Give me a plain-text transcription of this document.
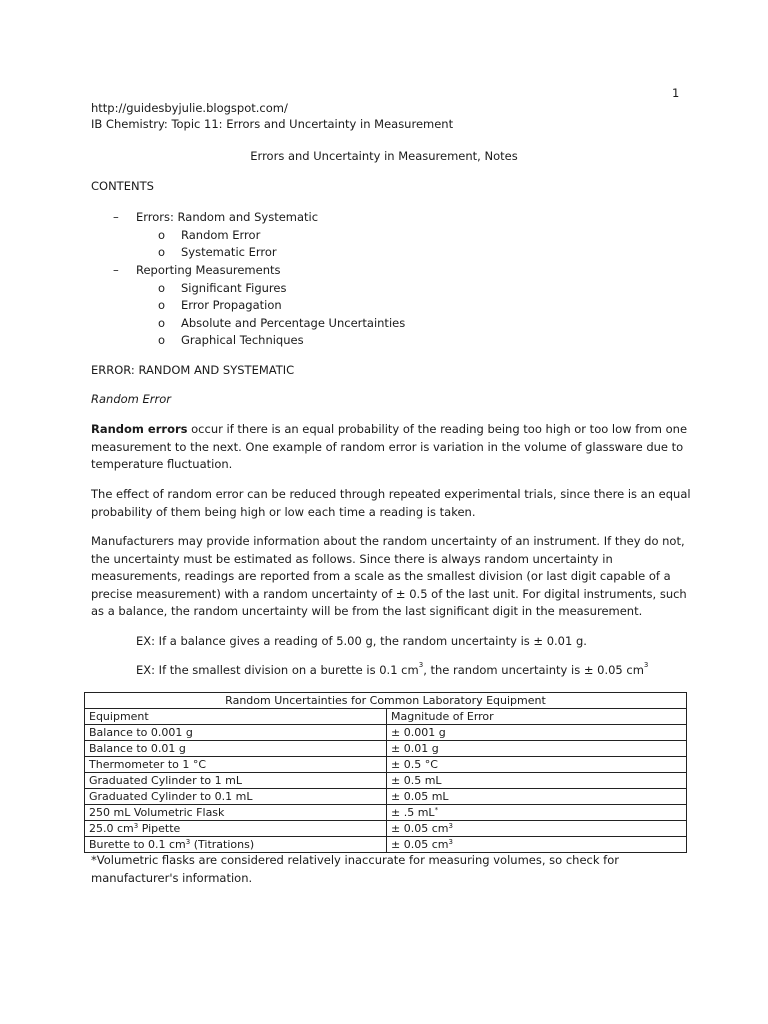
1
http://guidesbyjulie.blogspot.com/
IB Chemistry: Topic 11: Errors and Uncertainty in Measurement
Errors and Uncertainty in Measurement, Notes
CONTENTS
– Errors: Random and Systematic
o Random Error
o Systematic Error
– Reporting Measurements
o Significant Figures
o Error Propagation
o Absolute and Percentage Uncertainties
o Graphical Techniques
ERROR: RANDOM AND SYSTEMATIC
Random Error
Random errors occur if there is an equal probability of the reading being too high or too low from one measurement to the next. One example of random error is variation in the volume of glassware due to temperature fluctuation.
The effect of random error can be reduced through repeated experimental trials, since there is an equal probability of them being high or low each time a reading is taken.
Manufacturers may provide information about the random uncertainty of an instrument. If they do not, the uncertainty must be estimated as follows. Since there is always random uncertainty in measurements, readings are reported from a scale as the smallest division (or last digit capable of a precise measurement) with a random uncertainty of ± 0.5 of the last unit. For digital instruments, such as a balance, the random uncertainty will be from the last significant digit in the measurement.
EX: If a balance gives a reading of 5.00 g, the random uncertainty is ± 0.01 g.
EX: If the smallest division on a burette is 0.1 $cm^3$, the random uncertainty is ± 0.05 $cm^3$
Random Uncertainties for Common Laboratory Equipment	
Equipment	Magnitude of Error
Balance to 0.001 g	± 0.001 g
Balance to 0.01 g	± 0.01 g
Thermometer to 1 °C	± 0.5 °C
Graduated Cylinder to 1 mL	± 0.5 mL
Graduated Cylinder to 0.1 mL	± 0.05 mL
250 mL Volumetric Flask	± .5 mL*
25.0 $cm^3$ Pipette	± 0.05 $cm^3$
Burette to 0.1 $cm^3$ (Titrations)	± 0.05 $cm^3$
*Volumetric flasks are considered relatively inaccurate for measuring volumes, so check for manufacturer's information.
